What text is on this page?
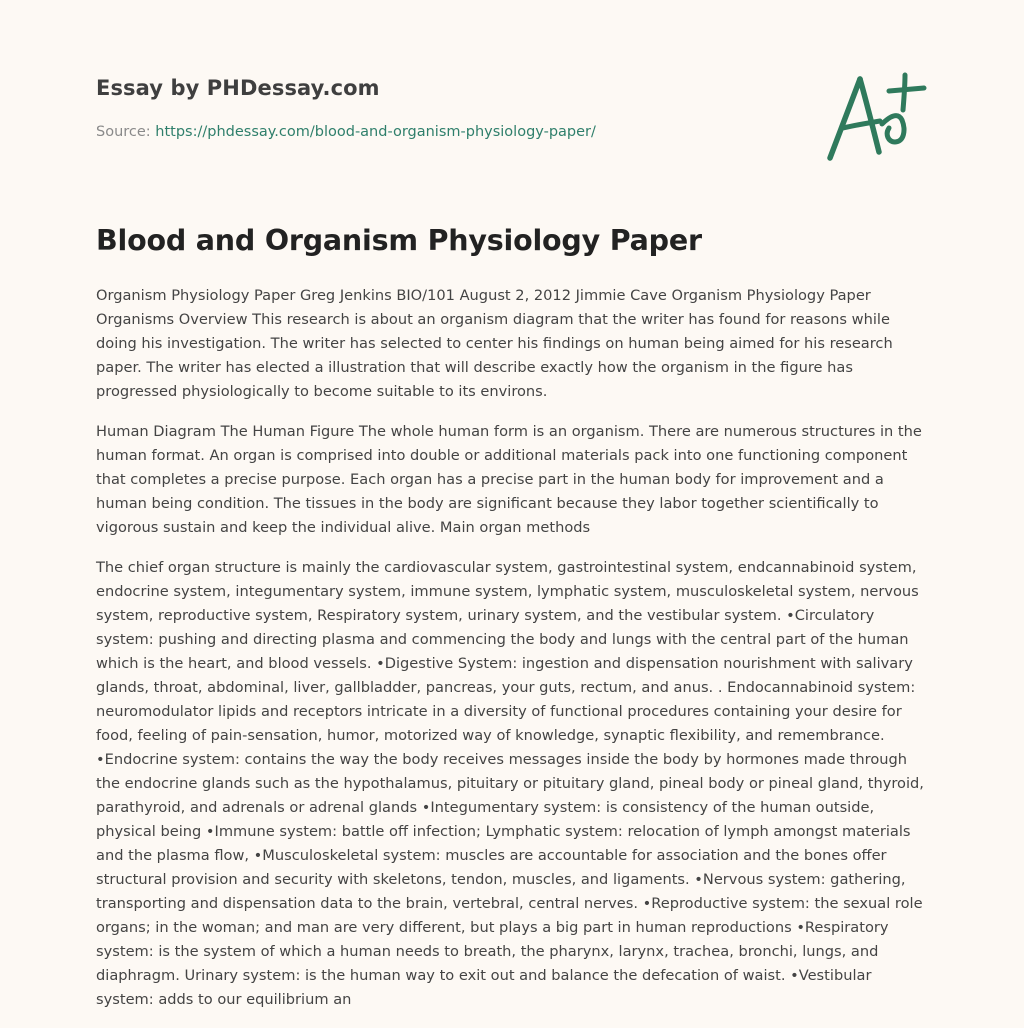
Essay by PHDessay.com
Source: https://phdessay.com/blood-and-organism-physiology-paper/
Blood and Organism Physiology Paper

Organism Physiology Paper Greg Jenkins BIO/101 August 2, 2012 Jimmie Cave Organism Physiology Paper Organisms Overview This research is about an organism diagram that the writer has found for reasons while doing his investigation. The writer has selected to center his findings on human being aimed for his research paper. The writer has elected a illustration that will describe exactly how the organism in the figure has progressed physiologically to become suitable to its environs.

Human Diagram The Human Figure The whole human form is an organism. There are numerous structures in the human format. An organ is comprised into double or additional materials pack into one functioning component that completes a precise purpose. Each organ has a precise part in the human body for improvement and a human being condition. The tissues in the body are significant because they labor together scientifically to vigorous sustain and keep the individual alive. Main organ methods

The chief organ structure is mainly the cardiovascular system, gastrointestinal system, endcannabinoid system, endocrine system, integumentary system, immune system, lymphatic system, musculoskeletal system, nervous system, reproductive system, Respiratory system, urinary system, and the vestibular system. •Circulatory system: pushing and directing plasma and commencing the body and lungs with the central part of the human which is the heart, and blood vessels. •Digestive System: ingestion and dispensation nourishment with salivary glands, throat, abdominal, liver, gallbladder, pancreas, your guts, rectum, and anus. . Endocannabinoid system: neuromodulator lipids and receptors intricate in a diversity of functional procedures containing your desire for food, feeling of pain-sensation, humor, motorized way of knowledge, synaptic flexibility, and remembrance. •Endocrine system: contains the way the body receives messages inside the body by hormones made through the endocrine glands such as the hypothalamus, pituitary or pituitary gland, pineal body or pineal gland, thyroid, parathyroid, and adrenals or adrenal glands •Integumentary system: is consistency of the human outside, physical being •Immune system: battle off infection; Lymphatic system: relocation of lymph amongst materials and the plasma flow, •Musculoskeletal system: muscles are accountable for association and the bones offer structural provision and security with skeletons, tendon, muscles, and ligaments. •Nervous system: gathering, transporting and dispensation data to the brain, vertebral, central nerves. •Reproductive system: the sexual role organs; in the woman; and man are very different, but plays a big part in human reproductions •Respiratory system: is the system of which a human needs to breath, the pharynx, larynx, trachea, bronchi, lungs, and diaphragm. Urinary system: is the human way to exit out and balance the defecation of waist. •Vestibular system: adds to our equilibrium an
